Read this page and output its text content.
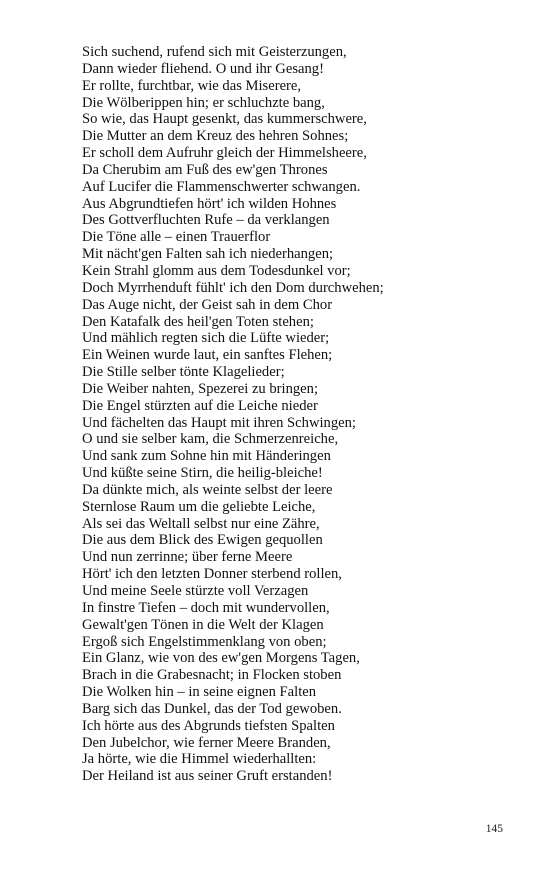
Sich suchend, rufend sich mit Geisterzungen,
Dann wieder fliehend. O und ihr Gesang!
Er rollte, furchtbar, wie das Miserere,
Die Wölberippen hin; er schluchzte bang,
So wie, das Haupt gesenkt, das kummerschwere,
Die Mutter an dem Kreuz des hehren Sohnes;
Er scholl dem Aufruhr gleich der Himmelsheere,
Da Cherubim am Fuß des ew'gen Thrones
Auf Lucifer die Flammenschwerter schwangen.
Aus Abgrundtiefen hört' ich wilden Hohnes
Des Gottverfluchten Rufe – da verklangen
Die Töne alle – einen Trauerflor
Mit nächt'gen Falten sah ich niederhangen;
Kein Strahl glomm aus dem Todesdunkel vor;
Doch Myrrhenduft fühlt' ich den Dom durchwehen;
Das Auge nicht, der Geist sah in dem Chor
Den Katafalk des heil'gen Toten stehen;
Und mählich regten sich die Lüfte wieder;
Ein Weinen wurde laut, ein sanftes Flehen;
Die Stille selber tönte Klagelieder;
Die Weiber nahten, Spezerei zu bringen;
Die Engel stürzten auf die Leiche nieder
Und fächelten das Haupt mit ihren Schwingen;
O und sie selber kam, die Schmerzenreiche,
Und sank zum Sohne hin mit Händeringen
Und küßte seine Stirn, die heilig-bleiche!
Da dünkte mich, als weinte selbst der leere
Sternlose Raum um die geliebte Leiche,
Als sei das Weltall selbst nur eine Zähre,
Die aus dem Blick des Ewigen gequollen
Und nun zerrinne; über ferne Meere
Hört' ich den letzten Donner sterbend rollen,
Und meine Seele stürzte voll Verzagen
In finstre Tiefen – doch mit wundervollen,
Gewalt'gen Tönen in die Welt der Klagen
Ergoß sich Engelstimmenklang von oben;
Ein Glanz, wie von des ew'gen Morgens Tagen,
Brach in die Grabesnacht; in Flocken stoben
Die Wolken hin – in seine eignen Falten
Barg sich das Dunkel, das der Tod gewoben.
Ich hörte aus des Abgrunds tiefsten Spalten
Den Jubelchor, wie ferner Meere Branden,
Ja hörte, wie die Himmel wiederhallten:
Der Heiland ist aus seiner Gruft erstanden!
145
